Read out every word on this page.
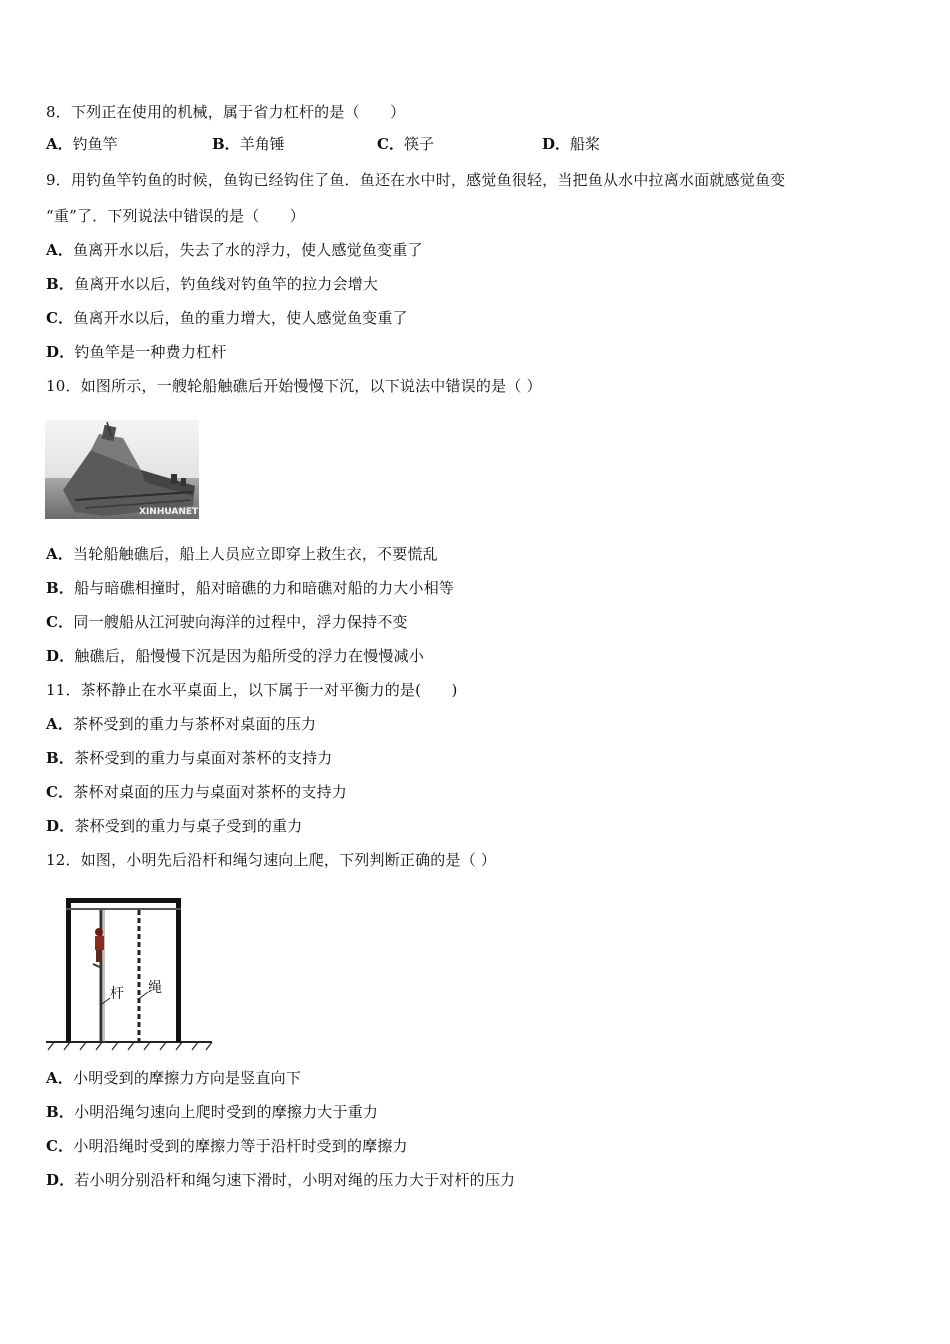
8．下列正在使用的机械，属于省力杠杆的是（　　）
A．钓鱼竿	B．羊角锤	C．筷子	D．船桨
9．用钓鱼竿钓鱼的时候，鱼钩已经钩住了鱼．鱼还在水中时，感觉鱼很轻，当把鱼从水中拉离水面就感觉鱼变
“重”了．下列说法中错误的是（　　）
A．鱼离开水以后，失去了水的浮力，使人感觉鱼变重了
B．鱼离开水以后，钓鱼线对钓鱼竿的拉力会增大
C．鱼离开水以后，鱼的重力增大，使人感觉鱼变重了
D．钓鱼竿是一种费力杠杆
10．如图所示，一艘轮船触礁后开始慢慢下沉，以下说法中错误的是（ ）
XINHUANET
A．当轮船触礁后，船上人员应立即穿上救生衣，不要慌乱
B．船与暗礁相撞时，船对暗礁的力和暗礁对船的力大小相等
C．同一艘船从江河驶向海洋的过程中，浮力保持不变
D．触礁后，船慢慢下沉是因为船所受的浮力在慢慢减小
11．茶杯静止在水平桌面上，以下属于一对平衡力的是(　　)
A．茶杯受到的重力与茶杯对桌面的压力
B．茶杯受到的重力与桌面对茶杯的支持力
C．茶杯对桌面的压力与桌面对茶杯的支持力
D．茶杯受到的重力与桌子受到的重力
12．如图，小明先后沿杆和绳匀速向上爬，下列判断正确的是（ ）
杆 绳
A．小明受到的摩擦力方向是竖直向下
B．小明沿绳匀速向上爬时受到的摩擦力大于重力
C．小明沿绳时受到的摩擦力等于沿杆时受到的摩擦力
D．若小明分别沿杆和绳匀速下滑时，小明对绳的压力大于对杆的压力
